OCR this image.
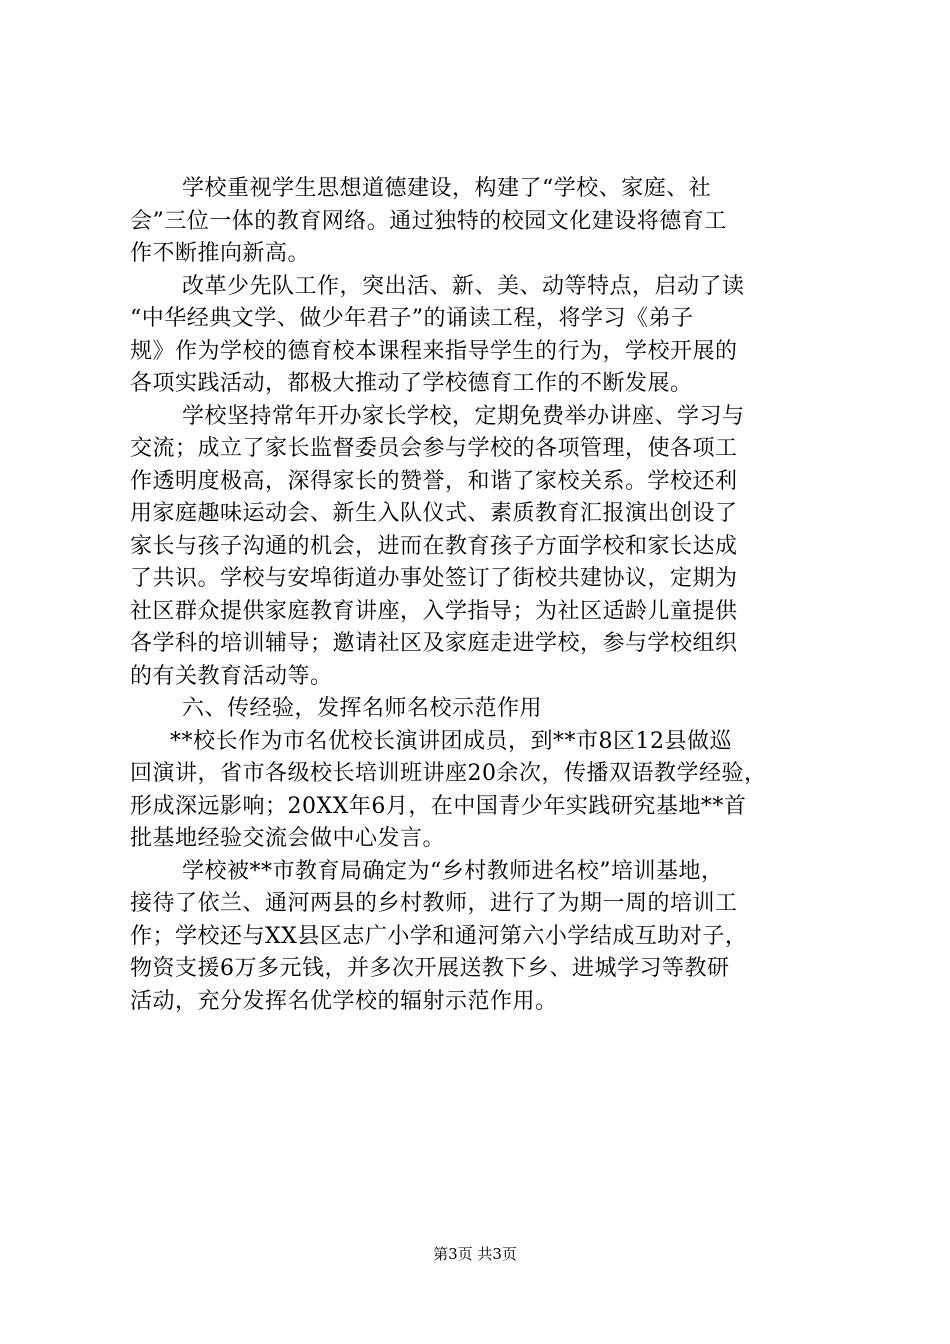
学校重视学生思想道德建设，构建了“学校、家庭、社
会”三位一体的教育网络。通过独特的校园文化建设将德育工
作不断推向新高。

改革少先队工作，突出活、新、美、动等特点，启动了读
“中华经典文学、做少年君子”的诵读工程，将学习《弟子
规》作为学校的德育校本课程来指导学生的行为，学校开展的
各项实践活动，都极大推动了学校德育工作的不断发展。

学校坚持常年开办家长学校，定期免费举办讲座、学习与
交流；成立了家长监督委员会参与学校的各项管理，使各项工
作透明度极高，深得家长的赞誉，和谐了家校关系。学校还利
用家庭趣味运动会、新生入队仪式、素质教育汇报演出创设了
家长与孩子沟通的机会，进而在教育孩子方面学校和家长达成
了共识。学校与安埠街道办事处签订了街校共建协议，定期为
社区群众提供家庭教育讲座，入学指导；为社区适龄儿童提供
各学科的培训辅导；邀请社区及家庭走进学校，参与学校组织
的有关教育活动等。

六、传经验，发挥名师名校示范作用

**校长作为市名优校长演讲团成员，到**市8区12县做巡
回演讲，省市各级校长培训班讲座20余次，传播双语教学经验，
形成深远影响；20XX年6月，在中国青少年实践研究基地**首
批基地经验交流会做中心发言。

学校被**市教育局确定为“乡村教师进名校”培训基地，
接待了依兰、通河两县的乡村教师，进行了为期一周的培训工
作；学校还与XX县区志广小学和通河第六小学结成互助对子，
物资支援6万多元钱，并多次开展送教下乡、进城学习等教研
活动，充分发挥名优学校的辐射示范作用。

第3页 共3页
